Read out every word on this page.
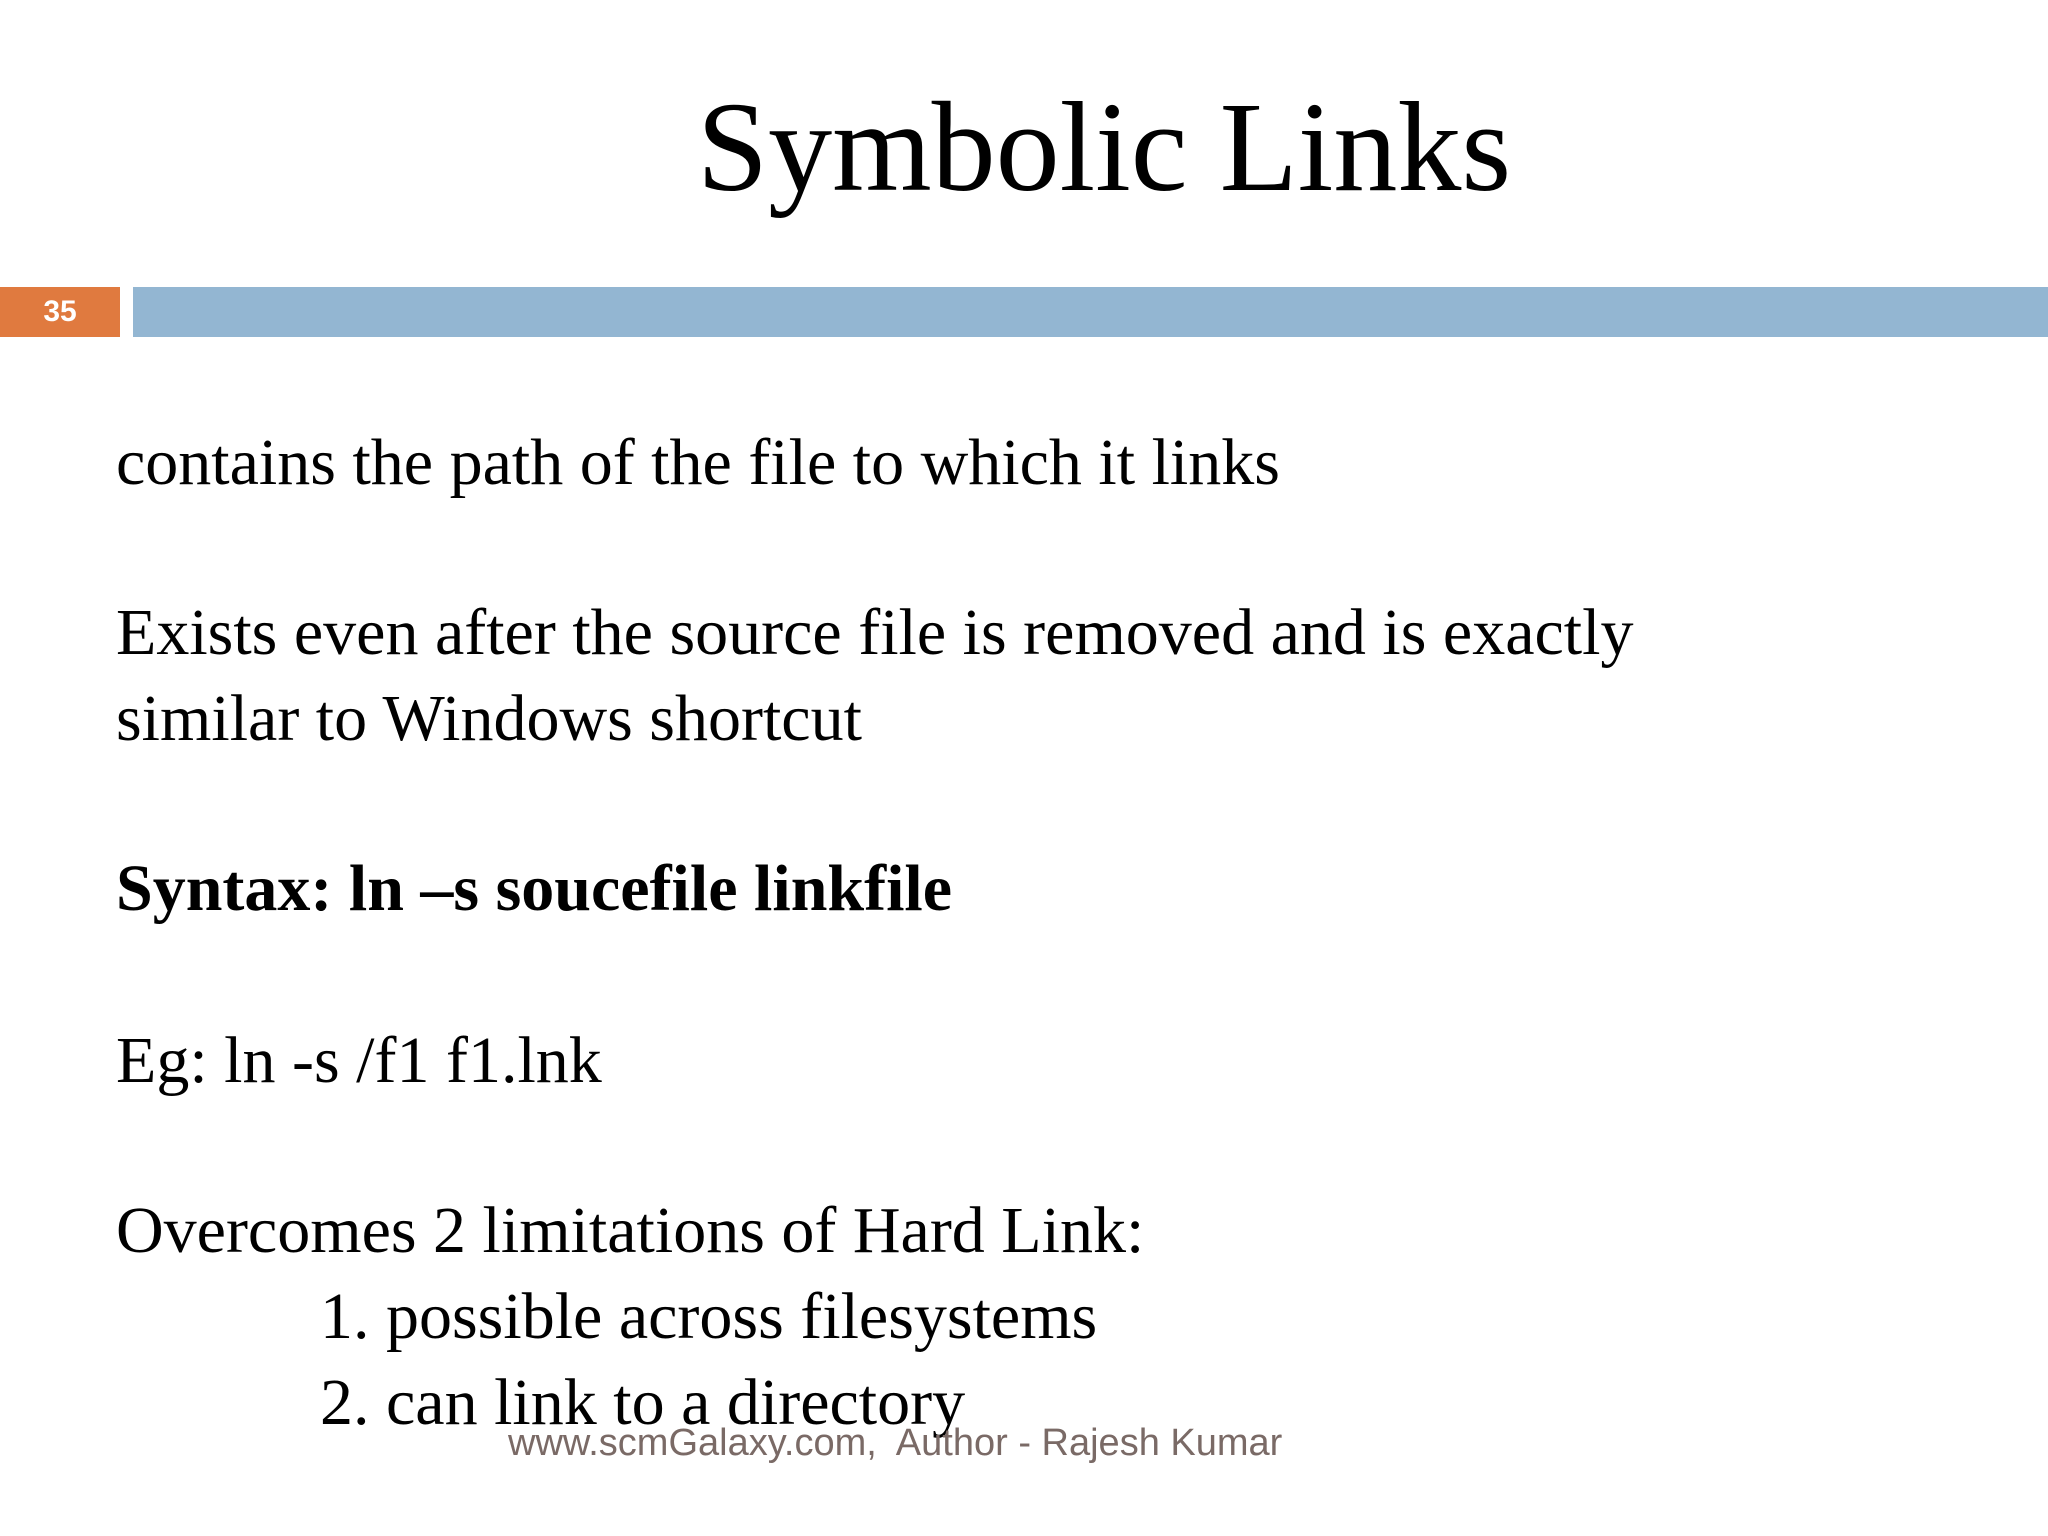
Symbolic Links
35
contains the path of the file to which it links
Exists even after the source file is removed and is exactly
similar to Windows shortcut
Syntax: ln –s soucefile linkfile
Eg: ln -s /f1 f1.lnk
Overcomes 2 limitations of Hard Link:
1. possible across filesystems
2. can link to a directory
www.scmGalaxy.com,  Author - Rajesh Kumar
